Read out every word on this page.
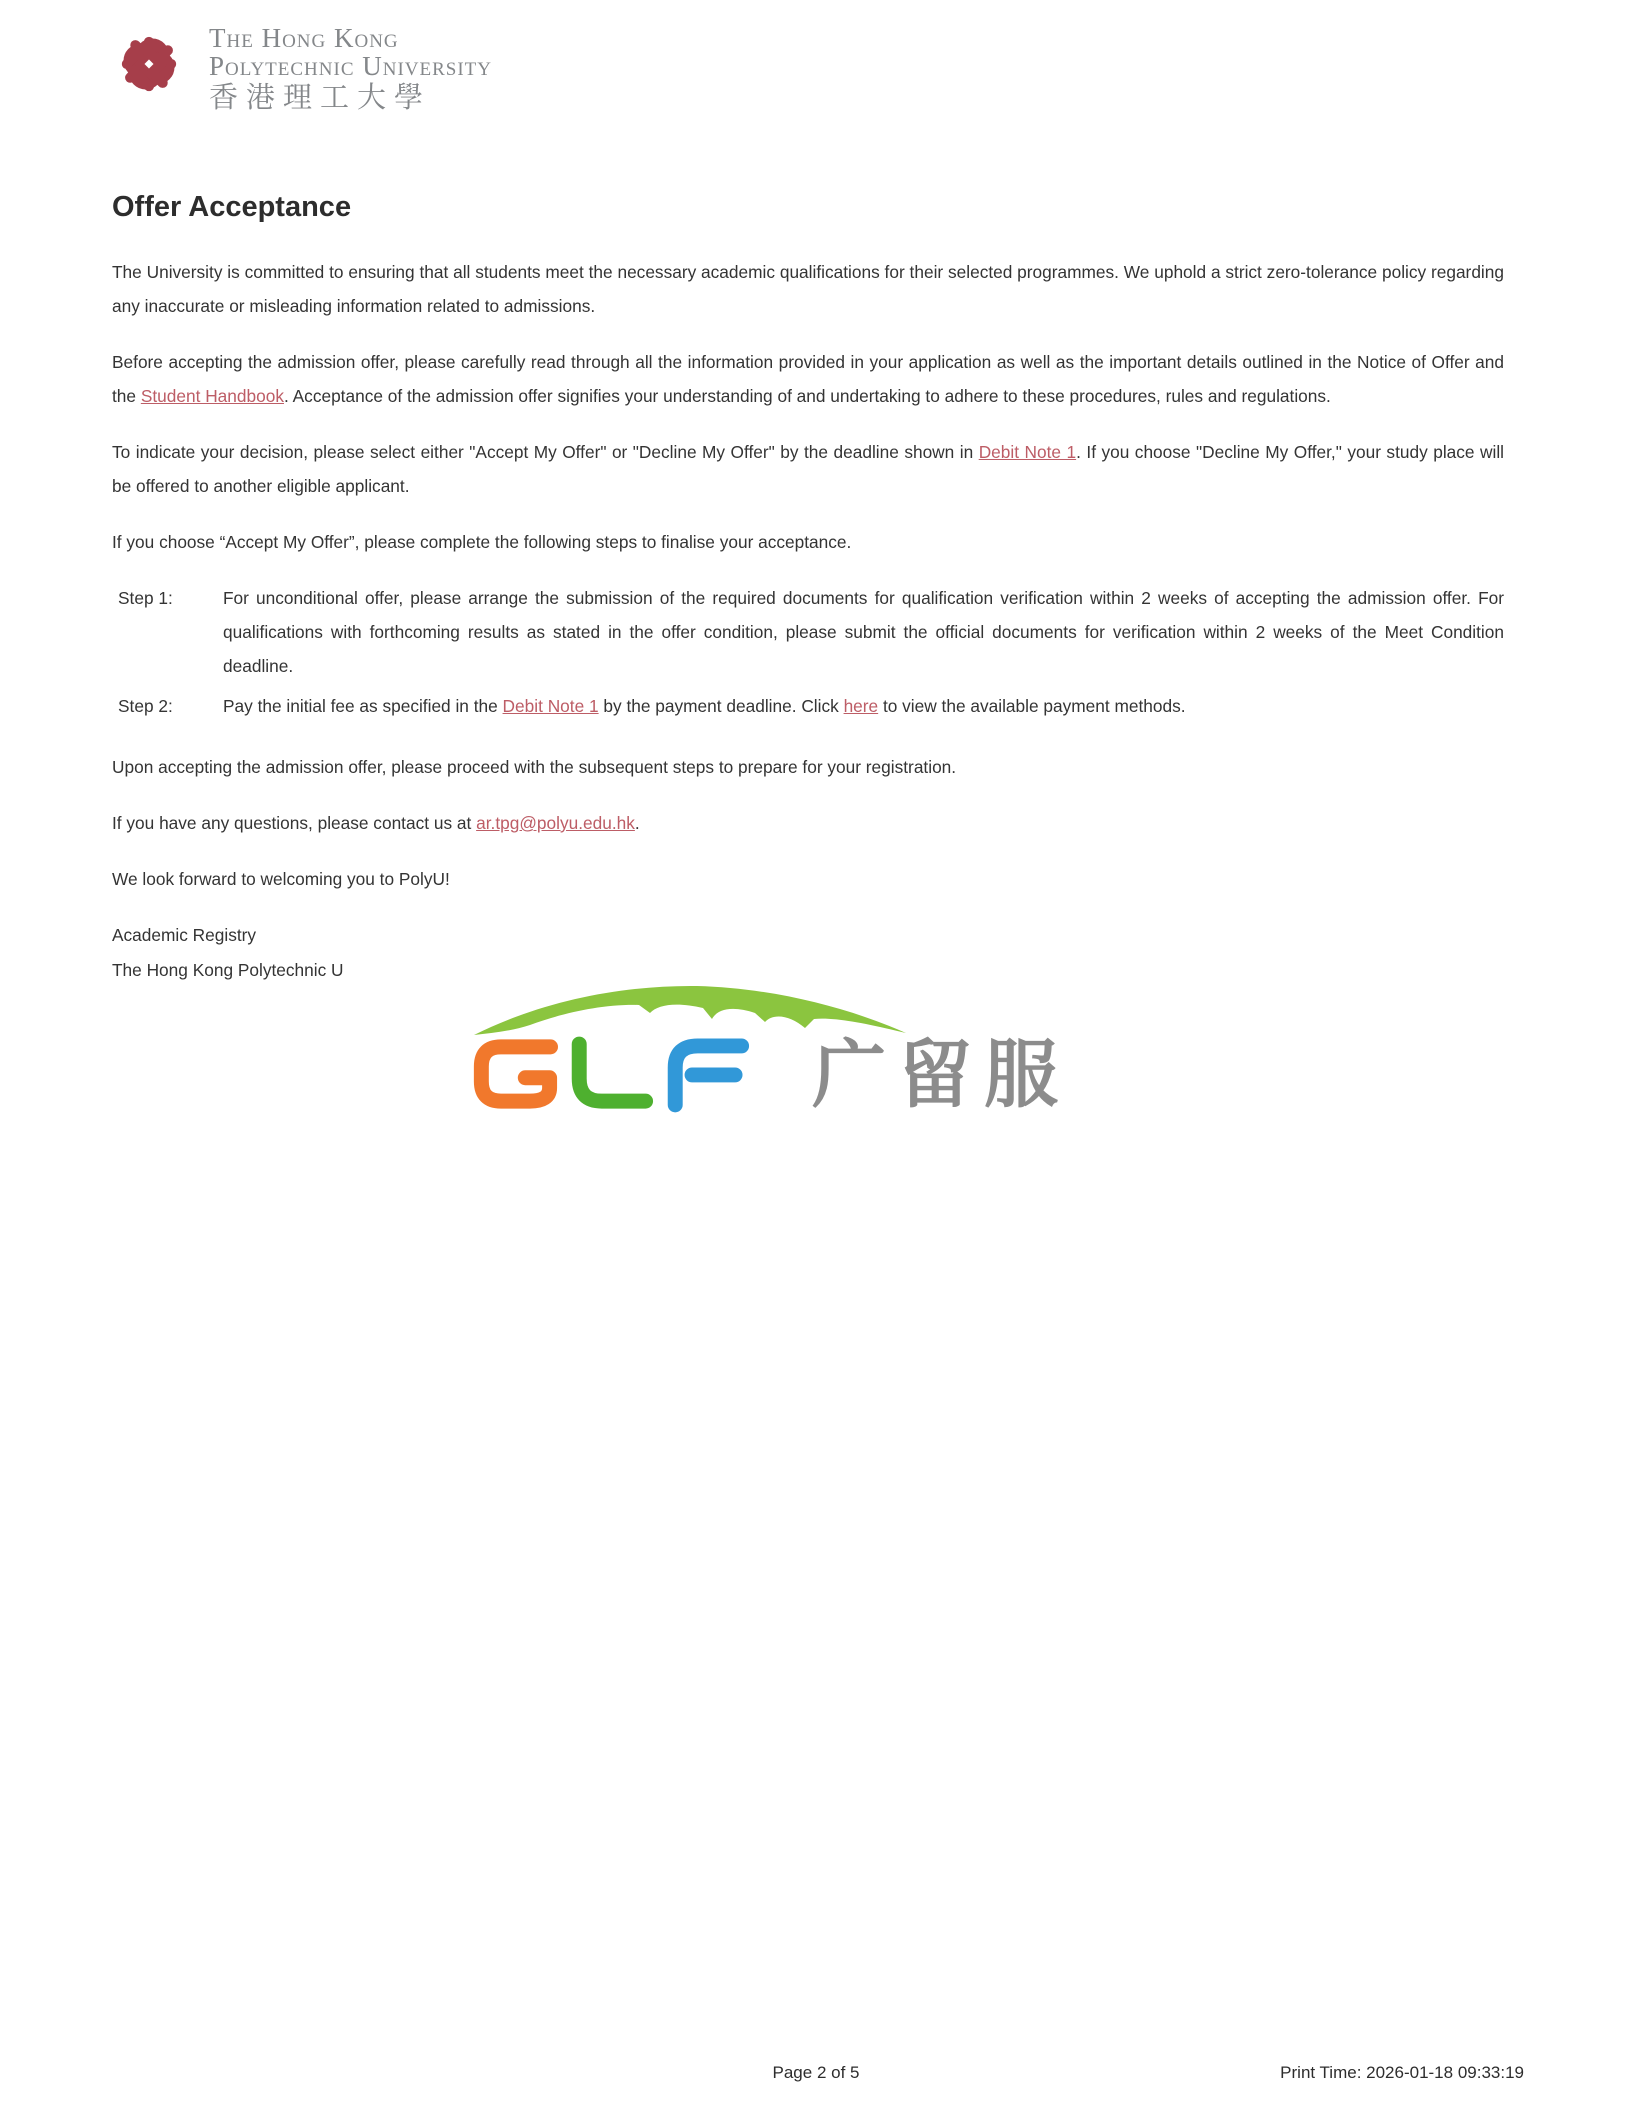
The Hong Kong
Polytechnic University
香港理工大學
Offer Acceptance

The University is committed to ensuring that all students meet the necessary academic qualifications for their selected programmes. We uphold a strict zero-tolerance policy regarding any inaccurate or misleading information related to admissions.

Before accepting the admission offer, please carefully read through all the information provided in your application as well as the important details outlined in the Notice of Offer and the Student Handbook. Acceptance of the admission offer signifies your understanding of and undertaking to adhere to these procedures, rules and regulations.

To indicate your decision, please select either "Accept My Offer" or "Decline My Offer" by the deadline shown in Debit Note 1. If you choose "Decline My Offer," your study place will be offered to another eligible applicant.

If you choose “Accept My Offer”, please complete the following steps to finalise your acceptance.

Step 1:	For unconditional offer, please arrange the submission of the required documents for qualification verification within 2 weeks of accepting the admission offer. For qualifications with forthcoming results as stated in the offer condition, please submit the official documents for verification within 2 weeks of the Meet Condition deadline.
Step 2:	Pay the initial fee as specified in the Debit Note 1 by the payment deadline. Click here to view the available payment methods.

Upon accepting the admission offer, please proceed with the subsequent steps to prepare for your registration.

If you have any questions, please contact us at ar.tpg@polyu.edu.hk.

We look forward to welcoming you to PolyU!

Academic Registry
The Hong Kong Polytechnic U
广留服
Page 2 of 5	Print Time: 2026-01-18 09:33:19
